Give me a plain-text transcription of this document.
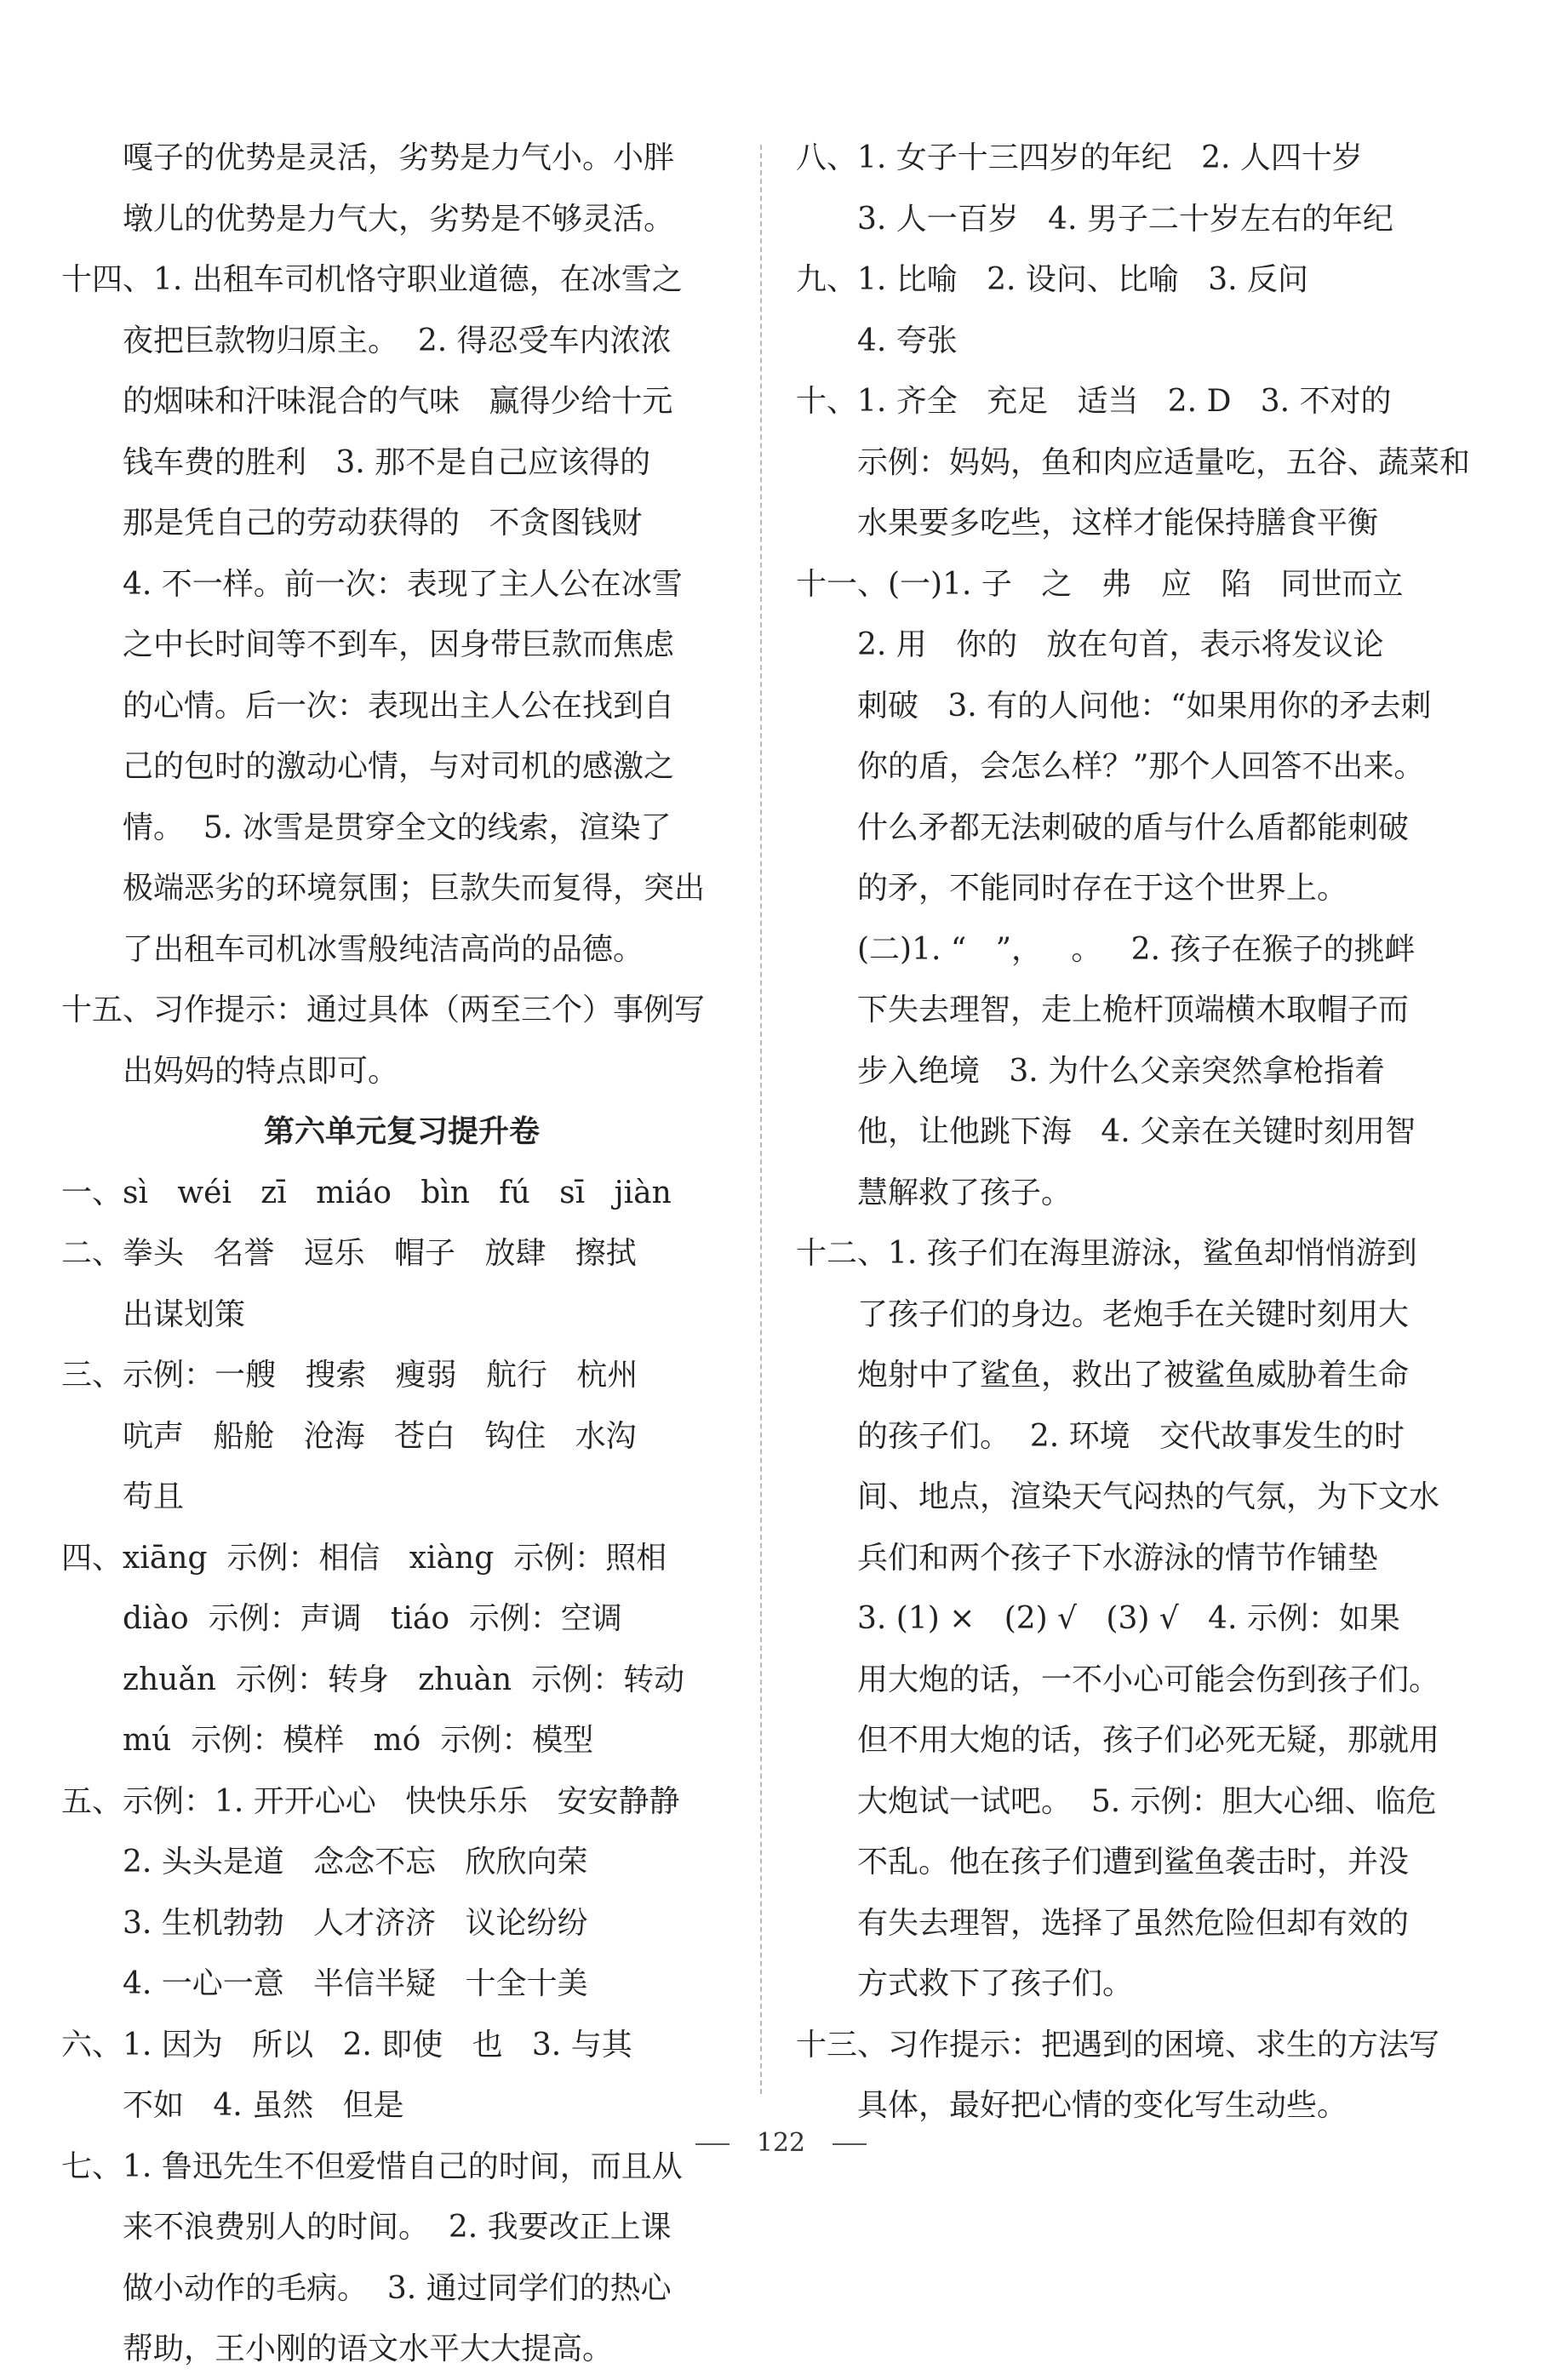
嘎子的优势是灵活，劣势是力气小。小胖
墩儿的优势是力气大，劣势是不够灵活。
十四、1. 出租车司机恪守职业道德，在冰雪之
夜把巨款物归原主。  2. 得忍受车内浓浓
的烟味和汗味混合的气味   赢得少给十元
钱车费的胜利   3. 那不是自己应该得的
那是凭自己的劳动获得的   不贪图钱财
4. 不一样。前一次：表现了主人公在冰雪
之中长时间等不到车，因身带巨款而焦虑
的心情。后一次：表现出主人公在找到自
己的包时的激动心情，与对司机的感激之
情。  5. 冰雪是贯穿全文的线索，渲染了
极端恶劣的环境氛围；巨款失而复得，突出
了出租车司机冰雪般纯洁高尚的品德。
十五、习作提示：通过具体（两至三个）事例写
出妈妈的特点即可。
第六单元复习提升卷
一、sì   wéi   zī   miáo   bìn   fú   sī   jiàn
二、拳头   名誉   逗乐   帽子   放肆   擦拭
出谋划策
三、示例：一艘   搜索   瘦弱   航行   杭州
吭声   船舱   沧海   苍白   钩住   水沟
苟且
四、xiāng  示例：相信   xiàng  示例：照相
diào  示例：声调   tiáo  示例：空调
zhuǎn  示例：转身   zhuàn  示例：转动
mú  示例：模样   mó  示例：模型
五、示例：1. 开开心心   快快乐乐   安安静静
2. 头头是道   念念不忘   欣欣向荣
3. 生机勃勃   人才济济   议论纷纷
4. 一心一意   半信半疑   十全十美
六、1. 因为   所以   2. 即使   也   3. 与其
不如   4. 虽然   但是
七、1. 鲁迅先生不但爱惜自己的时间，而且从
来不浪费别人的时间。  2. 我要改正上课
做小动作的毛病。  3. 通过同学们的热心
帮助，王小刚的语文水平大大提高。
八、1. 女子十三四岁的年纪   2. 人四十岁
3. 人一百岁   4. 男子二十岁左右的年纪
九、1. 比喻   2. 设问、比喻   3. 反问
4. 夸张
十、1. 齐全   充足   适当   2. D   3. 不对的
示例：妈妈，鱼和肉应适量吃，五谷、蔬菜和
水果要多吃些，这样才能保持膳食平衡
十一、(一)1. 子   之   弗   应   陷   同世而立
2. 用   你的   放在句首，表示将发议论
刺破   3. 有的人问他：“如果用你的矛去刺
你的盾，会怎么样？”那个人回答不出来。
什么矛都无法刺破的盾与什么盾都能刺破
的矛，不能同时存在于这个世界上。
(二)1. “   ”，   。   2. 孩子在猴子的挑衅
下失去理智，走上桅杆顶端横木取帽子而
步入绝境   3. 为什么父亲突然拿枪指着
他，让他跳下海   4. 父亲在关键时刻用智
慧解救了孩子。
十二、1. 孩子们在海里游泳，鲨鱼却悄悄游到
了孩子们的身边。老炮手在关键时刻用大
炮射中了鲨鱼，救出了被鲨鱼威胁着生命
的孩子们。  2. 环境   交代故事发生的时
间、地点，渲染天气闷热的气氛，为下文水
兵们和两个孩子下水游泳的情节作铺垫
3. (1) ×   (2) √   (3) √   4. 示例：如果
用大炮的话，一不小心可能会伤到孩子们。
但不用大炮的话，孩子们必死无疑，那就用
大炮试一试吧。  5. 示例：胆大心细、临危
不乱。他在孩子们遭到鲨鱼袭击时，并没
有失去理智，选择了虽然危险但却有效的
方式救下了孩子们。
十三、习作提示：把遇到的困境、求生的方法写
具体，最好把心情的变化写生动些。
122
